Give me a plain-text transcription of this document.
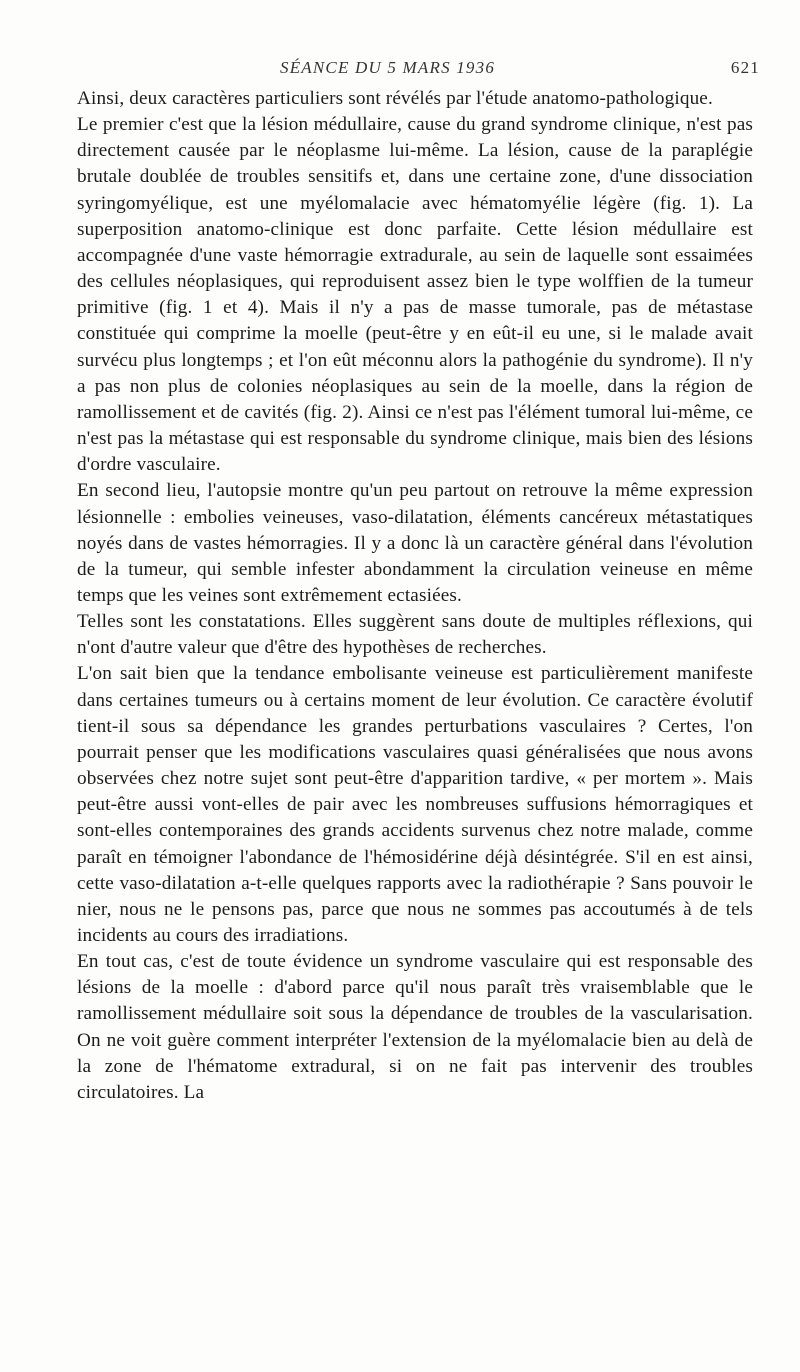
SÉANCE DU 5 MARS 1936	621

Ainsi, deux caractères particuliers sont révélés par l'étude anatomo-pathologique.

Le premier c'est que la lésion médullaire, cause du grand syndrome clinique, n'est pas directement causée par le néoplasme lui-même. La lésion, cause de la paraplégie brutale doublée de troubles sensitifs et, dans une certaine zone, d'une dissociation syringomyélique, est une myélomalacie avec hématomyélie légère (fig. 1). La superposition anatomo-clinique est donc parfaite. Cette lésion médullaire est accompagnée d'une vaste hémorragie extradurale, au sein de laquelle sont essaimées des cellules néoplasiques, qui reproduisent assez bien le type wolffien de la tumeur primitive (fig. 1 et 4). Mais il n'y a pas de masse tumorale, pas de métastase constituée qui comprime la moelle (peut-être y en eût-il eu une, si le malade avait survécu plus longtemps ; et l'on eût méconnu alors la pathogénie du syndrome). Il n'y a pas non plus de colonies néoplasiques au sein de la moelle, dans la région de ramollissement et de cavités (fig. 2). Ainsi ce n'est pas l'élément tumoral lui-même, ce n'est pas la métastase qui est responsable du syndrome clinique, mais bien des lésions d'ordre vasculaire.

En second lieu, l'autopsie montre qu'un peu partout on retrouve la même expression lésionnelle : embolies veineuses, vaso-dilatation, éléments cancéreux métastatiques noyés dans de vastes hémorragies. Il y a donc là un caractère général dans l'évolution de la tumeur, qui semble infester abondamment la circulation veineuse en même temps que les veines sont extrêmement ectasiées.

Telles sont les constatations. Elles suggèrent sans doute de multiples réflexions, qui n'ont d'autre valeur que d'être des hypothèses de recherches.

L'on sait bien que la tendance embolisante veineuse est particulièrement manifeste dans certaines tumeurs ou à certains moment de leur évolution. Ce caractère évolutif tient-il sous sa dépendance les grandes perturbations vasculaires ? Certes, l'on pourrait penser que les modifications vasculaires quasi généralisées que nous avons observées chez notre sujet sont peut-être d'apparition tardive, « per mortem ». Mais peut-être aussi vont-elles de pair avec les nombreuses suffusions hémorragiques et sont-elles contemporaines des grands accidents survenus chez notre malade, comme paraît en témoigner l'abondance de l'hémosidérine déjà désintégrée. S'il en est ainsi, cette vaso-dilatation a-t-elle quelques rapports avec la radiothérapie ? Sans pouvoir le nier, nous ne le pensons pas, parce que nous ne sommes pas accoutumés à de tels incidents au cours des irradiations.

En tout cas, c'est de toute évidence un syndrome vasculaire qui est responsable des lésions de la moelle : d'abord parce qu'il nous paraît très vraisemblable que le ramollissement médullaire soit sous la dépendance de troubles de la vascularisation. On ne voit guère comment interpréter l'extension de la myélomalacie bien au delà de la zone de l'hématome extradural, si on ne fait pas intervenir des troubles circulatoires. La
